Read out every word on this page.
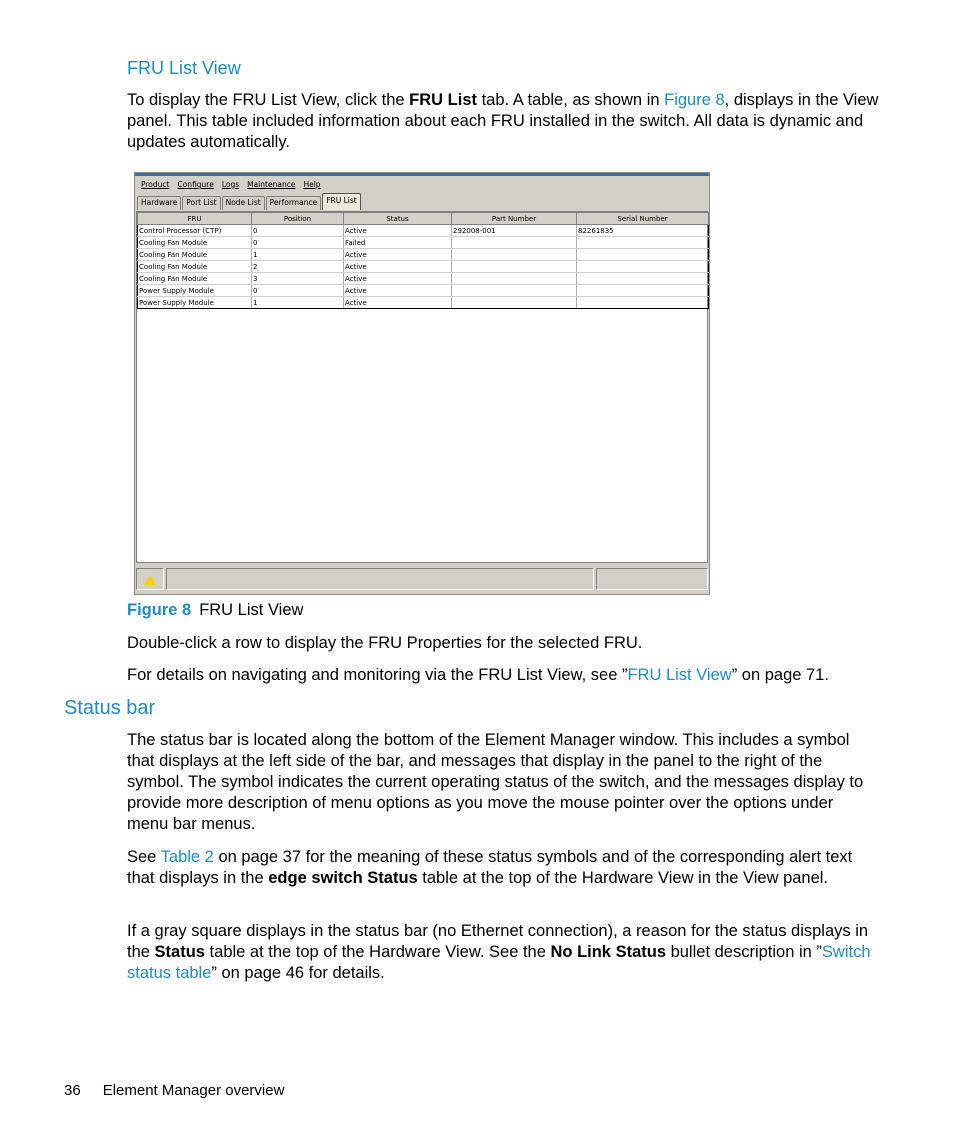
FRU List View

To display the FRU List View, click the FRU List tab. A table, as shown in Figure 8, displays in the View panel. This table included information about each FRU installed in the switch. All data is dynamic and updates automatically.

Product	Configure	Logs	Maintenance	Help
Hardware	Port List	Node List	Performance	FRU List
FRU	Position	Status	Part Number	Serial Number
Control Processor (CTP)	0	Active	292008-001	82261835
Cooling Fan Module	0	Failed		
Cooling Fan Module	1	Active		
Cooling Fan Module	2	Active		
Cooling Fan Module	3	Active		
Power Supply Module	0	Active		
Power Supply Module	1	Active		
Figure 8 FRU List View

Double-click a row to display the FRU Properties for the selected FRU.

For details on navigating and monitoring via the FRU List View, see ”FRU List View” on page 71.

Status bar

The status bar is located along the bottom of the Element Manager window. This includes a symbol that displays at the left side of the bar, and messages that display in the panel to the right of the symbol. The symbol indicates the current operating status of the switch, and the messages display to provide more description of menu options as you move the mouse pointer over the options under menu bar menus.

See Table 2 on page 37 for the meaning of these status symbols and of the corresponding alert text that displays in the edge switch Status table at the top of the Hardware View in the View panel.

If a gray square displays in the status bar (no Ethernet connection), a reason for the status displays in the Status table at the top of the Hardware View. See the No Link Status bullet description in ”Switch status table” on page 46 for details.

36 Element Manager overview
